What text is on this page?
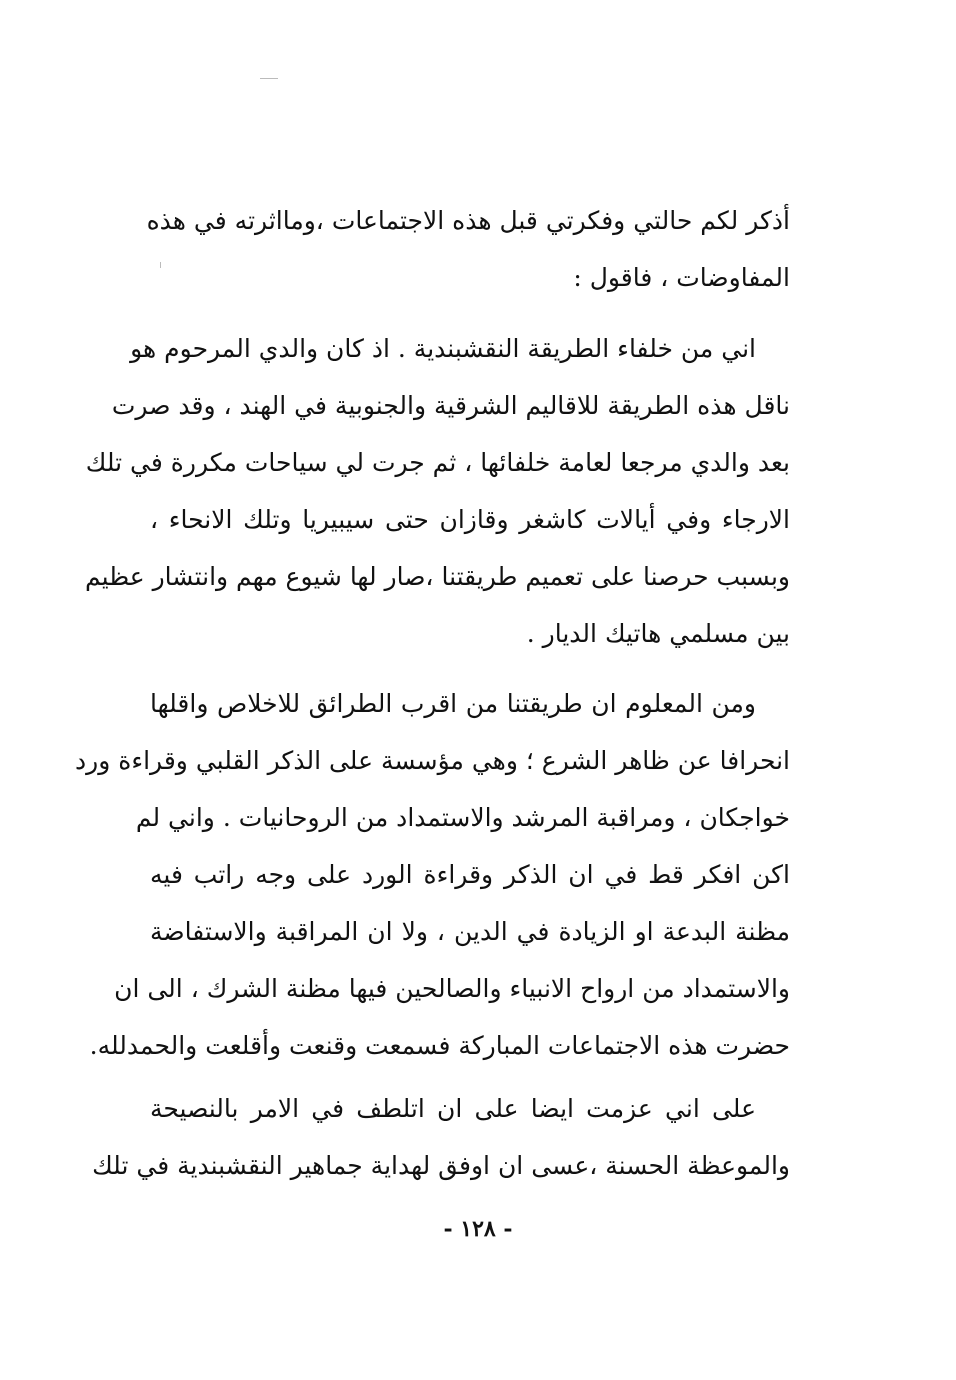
أذكر لكم حالتي وفكرتي قبل هذه الاجتماعات ،ومااثرته في هذه
المفاوضات ، فاقول :
اني من خلفاء الطريقة النقشبندية . اذ كان والدي المرحوم هو
ناقل هذه الطريقة للاقاليم الشرقية والجنوبية في الهند ، وقد صرت
بعد والدي مرجعا لعامة خلفائها ، ثم جرت لي سياحات مكررة في تلك
الارجاء وفي أيالات كاشغر وقازان حتى سيبيريا وتلك الانحاء ،
وبسبب حرصنا على تعميم طريقتنا ،صار لها شيوع مهم وانتشار عظيم
بين مسلمي هاتيك الديار .
ومن المعلوم ان طريقتنا من اقرب الطرائق للاخلاص واقلها
انحرافا عن ظاهر الشرع ؛ وهي مؤسسة على الذكر القلبي وقراءة ورد
خواجكان ، ومراقبة المرشد والاستمداد من الروحانيات . واني لم
اكن افكر قط في ان الذكر وقراءة الورد على وجه راتب فيه
مظنة البدعة او الزيادة في الدين ، ولا ان المراقبة والاستفاضة
والاستمداد من ارواح الانبياء والصالحين فيها مظنة الشرك ، الى ان
حضرت هذه الاجتماعات المباركة فسمعت وقنعت وأقلعت والحمدلله.
على اني عزمت ايضا على ان اتلطف في الامر بالنصيحة
والموعظة الحسنة ،عسى ان اوفق لهداية جماهير النقشبندية في تلك
- ١٢٨ -
